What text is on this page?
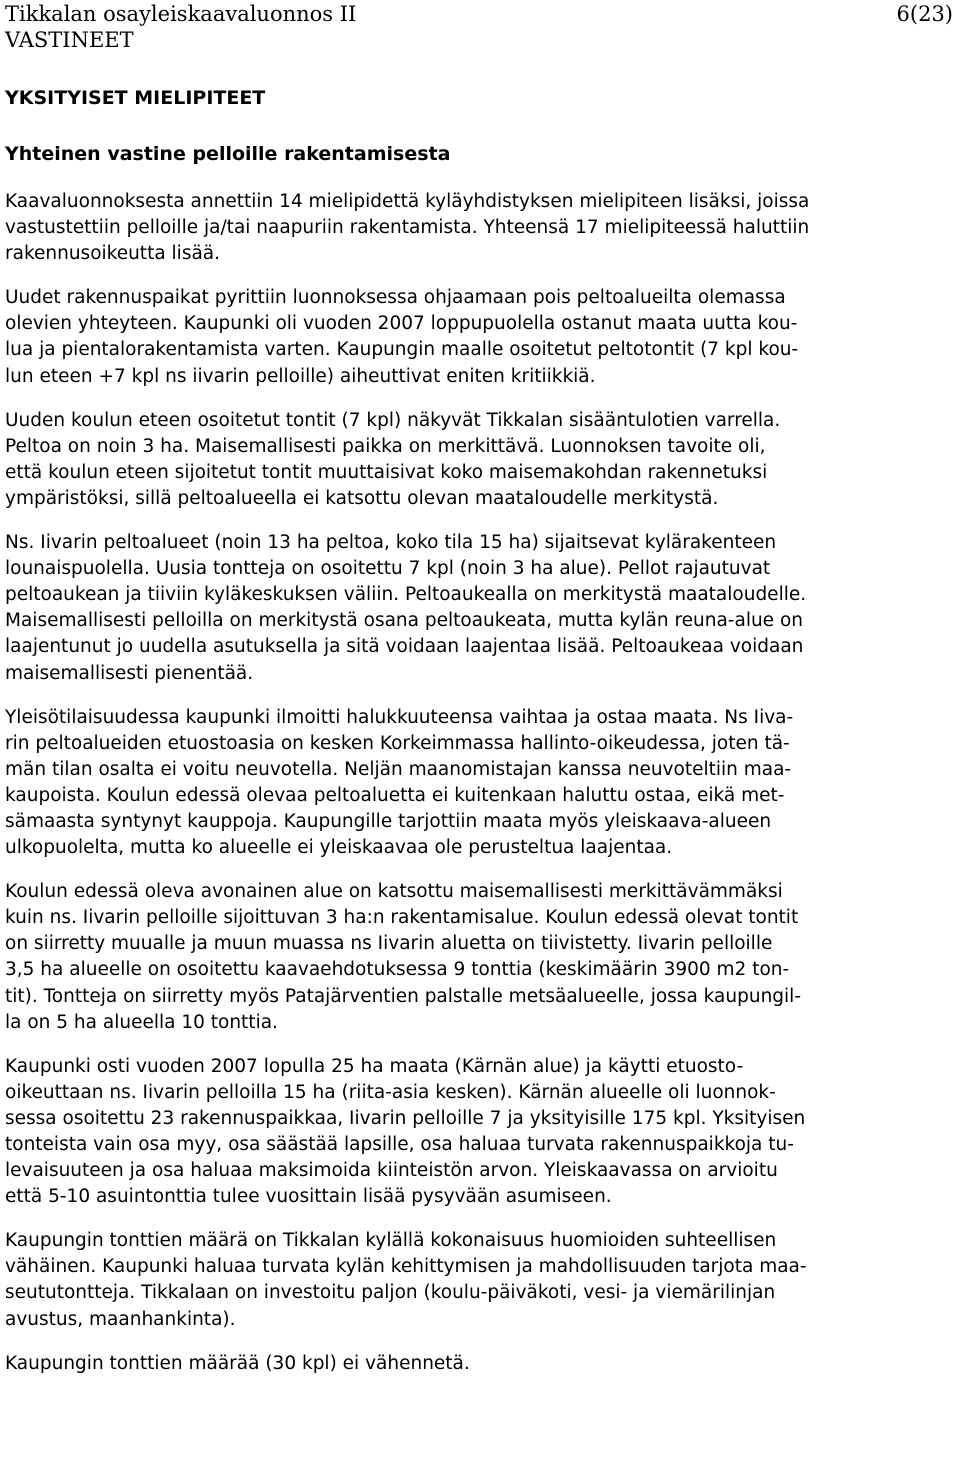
Tikkalan osayleiskaavaluonnos II
VASTINEET
6(23)
YKSITYISET MIELIPITEET
Yhteinen vastine pelloille rakentamisesta

Kaavaluonnoksesta annettiin 14 mielipidettä kyläyhdistyksen mielipiteen lisäksi, joissa
vastustettiin pelloille ja/tai naapuriin rakentamista. Yhteensä 17 mielipiteessä haluttiin
rakennusoikeutta lisää.

Uudet rakennuspaikat pyrittiin luonnoksessa ohjaamaan pois peltoalueilta olemassa
olevien yhteyteen. Kaupunki oli vuoden 2007 loppupuolella ostanut maata uutta kou-
lua ja pientalorakentamista varten. Kaupungin maalle osoitetut peltotontit (7 kpl kou-
lun eteen +7 kpl ns iivarin pelloille) aiheuttivat eniten kritiikkiä.

Uuden koulun eteen osoitetut tontit (7 kpl) näkyvät Tikkalan sisääntulotien varrella.
Peltoa on noin 3 ha. Maisemallisesti paikka on merkittävä. Luonnoksen tavoite oli,
että koulun eteen sijoitetut tontit muuttaisivat koko maisemakohdan rakennetuksi
ympäristöksi, sillä peltoalueella ei katsottu olevan maataloudelle merkitystä.

Ns. Iivarin peltoalueet (noin 13 ha peltoa, koko tila 15 ha) sijaitsevat kylärakenteen
lounaispuolella. Uusia tontteja on osoitettu 7 kpl (noin 3 ha alue). Pellot rajautuvat
peltoaukean ja tiiviin kyläkeskuksen väliin. Peltoaukealla on merkitystä maataloudelle.
Maisemallisesti pelloilla on merkitystä osana peltoaukeata, mutta kylän reuna-alue on
laajentunut jo uudella asutuksella ja sitä voidaan laajentaa lisää. Peltoaukeaa voidaan
maisemallisesti pienentää.

Yleisötilaisuudessa kaupunki ilmoitti halukkuuteensa vaihtaa ja ostaa maata. Ns Iiva-
rin peltoalueiden etuostoasia on kesken Korkeimmassa hallinto-oikeudessa, joten tä-
män tilan osalta ei voitu neuvotella. Neljän maanomistajan kanssa neuvoteltiin maa-
kaupoista. Koulun edessä olevaa peltoaluetta ei kuitenkaan haluttu ostaa, eikä met-
sämaasta syntynyt kauppoja. Kaupungille tarjottiin maata myös yleiskaava-alueen
ulkopuolelta, mutta ko alueelle ei yleiskaavaa ole perusteltua laajentaa.

Koulun edessä oleva avonainen alue on katsottu maisemallisesti merkittävämmäksi
kuin ns. Iivarin pelloille sijoittuvan 3 ha:n rakentamisalue. Koulun edessä olevat tontit
on siirretty muualle ja muun muassa ns Iivarin aluetta on tiivistetty. Iivarin pelloille
3,5 ha alueelle on osoitettu kaavaehdotuksessa 9 tonttia (keskimäärin 3900 m2 ton-
tit). Tontteja on siirretty myös Patajärventien palstalle metsäalueelle, jossa kaupungil-
la on 5 ha alueella 10 tonttia.

Kaupunki osti vuoden 2007 lopulla 25 ha maata (Kärnän alue) ja käytti etuosto-
oikeuttaan ns. Iivarin pelloilla 15 ha (riita-asia kesken). Kärnän alueelle oli luonnok-
sessa osoitettu 23 rakennuspaikkaa, Iivarin pelloille 7 ja yksityisille 175 kpl. Yksityisen
tonteista vain osa myy, osa säästää lapsille, osa haluaa turvata rakennuspaikkoja tu-
levaisuuteen ja osa haluaa maksimoida kiinteistön arvon. Yleiskaavassa on arvioitu
että 5-10 asuintonttia tulee vuosittain lisää pysyvään asumiseen.

Kaupungin tonttien määrä on Tikkalan kylällä kokonaisuus huomioiden suhteellisen
vähäinen. Kaupunki haluaa turvata kylän kehittymisen ja mahdollisuuden tarjota maa-
seututontteja. Tikkalaan on investoitu paljon (koulu-päiväkoti, vesi- ja viemärilinjan
avustus, maanhankinta).

Kaupungin tonttien määrää (30 kpl) ei vähennetä.
